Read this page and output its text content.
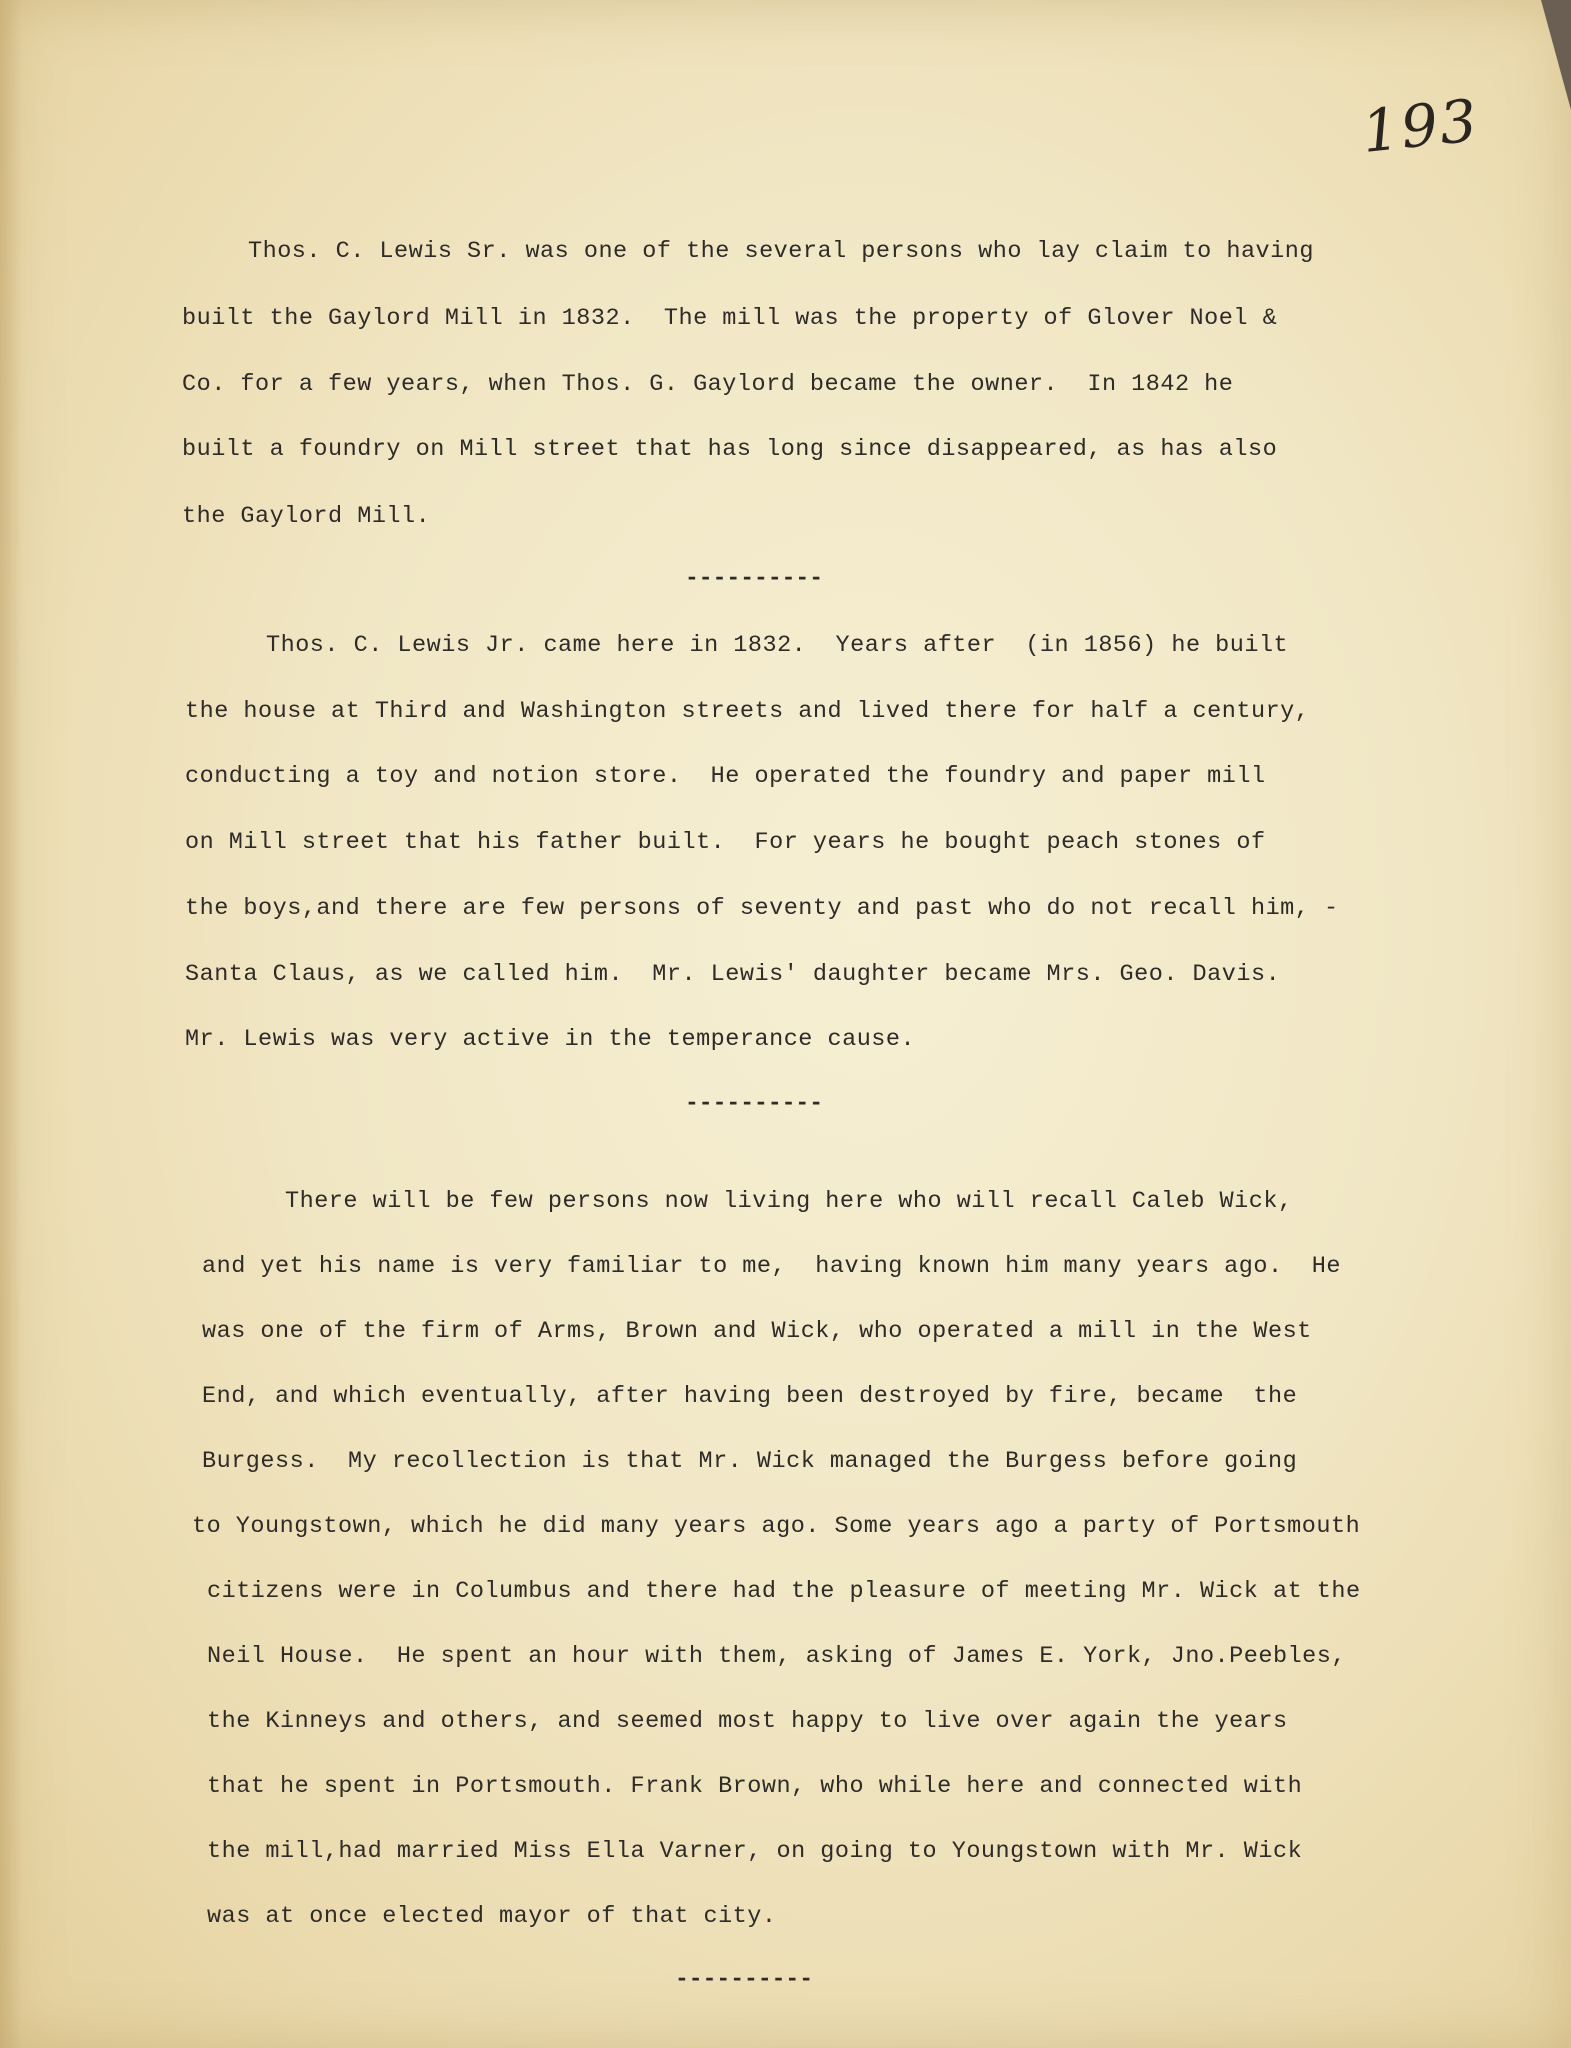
193
Thos. C. Lewis Sr. was one of the several persons who lay claim to having
built the Gaylord Mill in 1832.  The mill was the property of Glover Noel &
Co. for a few years, when Thos. G. Gaylord became the owner.  In 1842 he
built a foundry on Mill street that has long since disappeared, as has also
the Gaylord Mill.
----------
Thos. C. Lewis Jr. came here in 1832.  Years after  (in 1856) he built
the house at Third and Washington streets and lived there for half a century,
conducting a toy and notion store.  He operated the foundry and paper mill
on Mill street that his father built.  For years he bought peach stones of
the boys,and there are few persons of seventy and past who do not recall him, -
Santa Claus, as we called him.  Mr. Lewis' daughter became Mrs. Geo. Davis.
Mr. Lewis was very active in the temperance cause.
----------
There will be few persons now living here who will recall Caleb Wick,
and yet his name is very familiar to me,  having known him many years ago.  He
was one of the firm of Arms, Brown and Wick, who operated a mill in the West
End, and which eventually, after having been destroyed by fire, became  the
Burgess.  My recollection is that Mr. Wick managed the Burgess before going
to Youngstown, which he did many years ago. Some years ago a party of Portsmouth
citizens were in Columbus and there had the pleasure of meeting Mr. Wick at the
Neil House.  He spent an hour with them, asking of James E. York, Jno.Peebles,
the Kinneys and others, and seemed most happy to live over again the years
that he spent in Portsmouth. Frank Brown, who while here and connected with
the mill,had married Miss Ella Varner, on going to Youngstown with Mr. Wick
was at once elected mayor of that city.
----------
